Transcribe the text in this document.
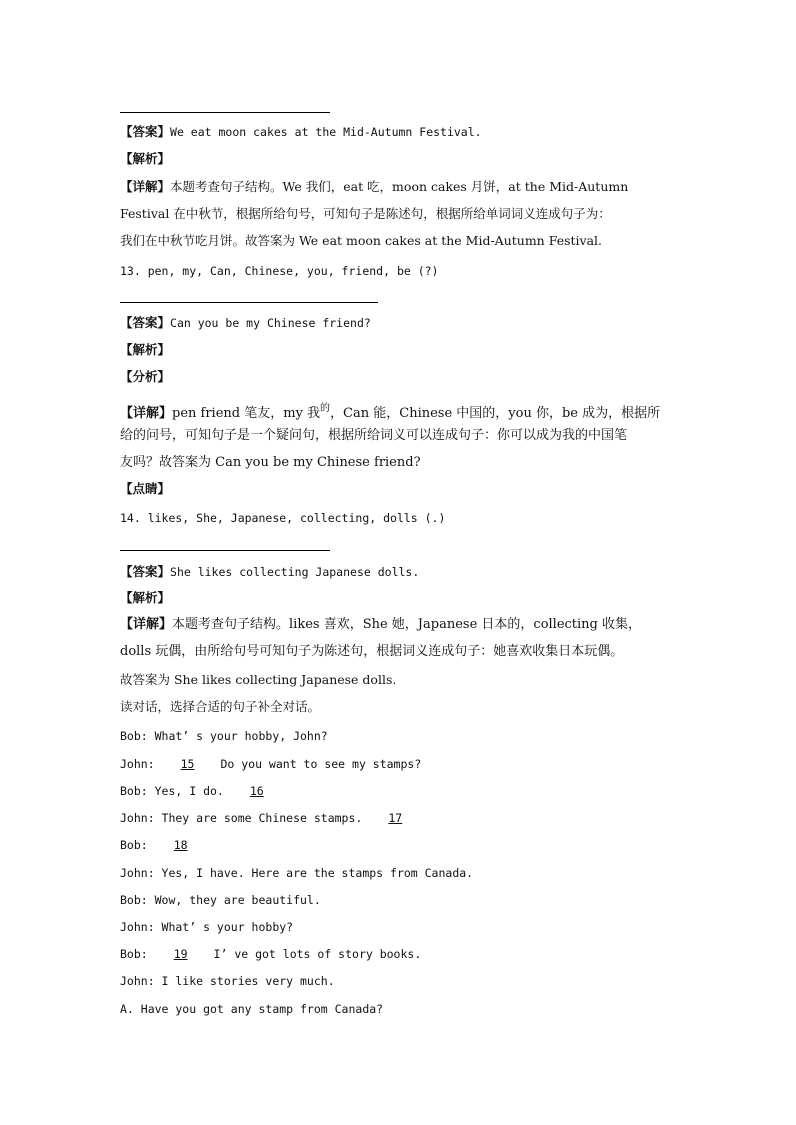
【答案】We eat moon cakes at the Mid-Autumn Festival.
【解析】
【详解】本题考查句子结构。We 我们，eat 吃，moon cakes 月饼，at the Mid-Autumn
Festival 在中秋节，根据所给句号，可知句子是陈述句，根据所给单词词义连成句子为：
我们在中秋节吃月饼。故答案为 We eat moon cakes at the Mid-Autumn Festival.
13. pen, my, Can, Chinese, you, friend, be (?)
【答案】Can you be my Chinese friend?
【解析】
【分析】
【详解】pen friend 笔友，my 我$^的$，Can 能，Chinese 中国的，you 你，be 成为，根据所
给的问号，可知句子是一个疑问句，根据所给词义可以连成句子：你可以成为我的中国笔
友吗？故答案为 Can you be my Chinese friend?
【点睛】
14. likes, She, Japanese, collecting, dolls (.)
【答案】She likes collecting Japanese dolls.
【解析】
【详解】本题考查句子结构。likes 喜欢，She 她，Japanese 日本的，collecting 收集，
dolls 玩偶，由所给句号可知句子为陈述句，根据词义连成句子：她喜欢收集日本玩偶。
故答案为 She likes collecting Japanese dolls.
读对话，选择合适的句子补全对话。
Bob: What’ s your hobby, John?
John: 15 Do you want to see my stamps?
Bob: Yes, I do. 16
John: They are some Chinese stamps. 17
Bob: 18
John: Yes, I have. Here are the stamps from Canada.
Bob: Wow, they are beautiful.
John: What’ s your hobby?
Bob: 19 I’ ve got lots of story books.
John: I like stories very much.
A. Have you got any stamp from Canada?
